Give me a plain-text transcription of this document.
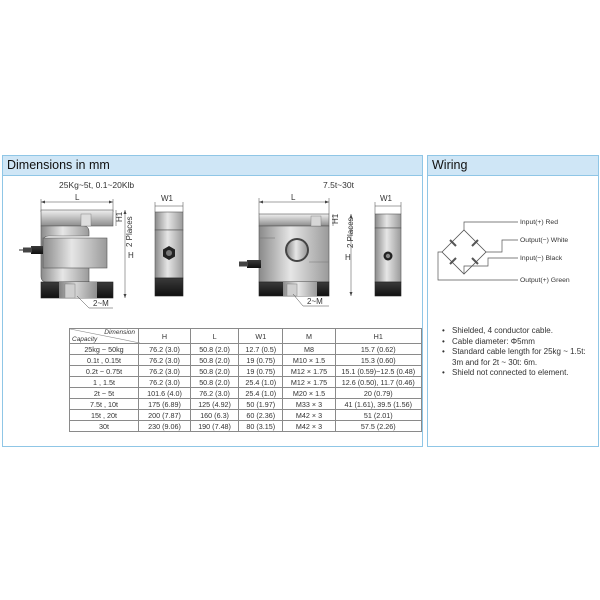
Dimensions in mm
25Kg~5t, 0.1~20Klb	7.5t~30t
L
H
H1 2 Places
2~M
W1	L
H
H1 2 Places
2~M
W1
Dimension
Capacity	H	L	W1	M	H1
25kg ~ 50kg	76.2 (3.0)	50.8 (2.0)	12.7 (0.5)	M8	15.7 (0.62)
0.1t , 0.15t	76.2 (3.0)	50.8 (2.0)	19 (0.75)	M10 × 1.5	15.3 (0.60)
0.2t ~ 0.75t	76.2 (3.0)	50.8 (2.0)	19 (0.75)	M12 × 1.75	15.1 (0.59)~12.5 (0.48)
1 , 1.5t	76.2 (3.0)	50.8 (2.0)	25.4 (1.0)	M12 × 1.75	12.6 (0.50), 11.7 (0.46)
2t ~ 5t	101.6 (4.0)	76.2 (3.0)	25.4 (1.0)	M20 × 1.5	20 (0.79)
7.5t , 10t	175 (6.89)	125 (4.92)	50 (1.97)	M33 × 3	41 (1.61), 39.5 (1.56)
15t , 20t	200 (7.87)	160 (6.3)	60 (2.36)	M42 × 3	51 (2.01)
30t	230 (9.06)	190 (7.48)	80 (3.15)	M42 × 3	57.5 (2.26)
Wiring
Input(+) Red
Output(−) White
Input(−) Black
Output(+) Green
• Shielded, 4 conductor cable.
• Cable diameter: Φ5mm
• Standard cable length for 25kg ~ 1.5t: 3m and for 2t ~ 30t: 6m.
• Shield not connected to element.
